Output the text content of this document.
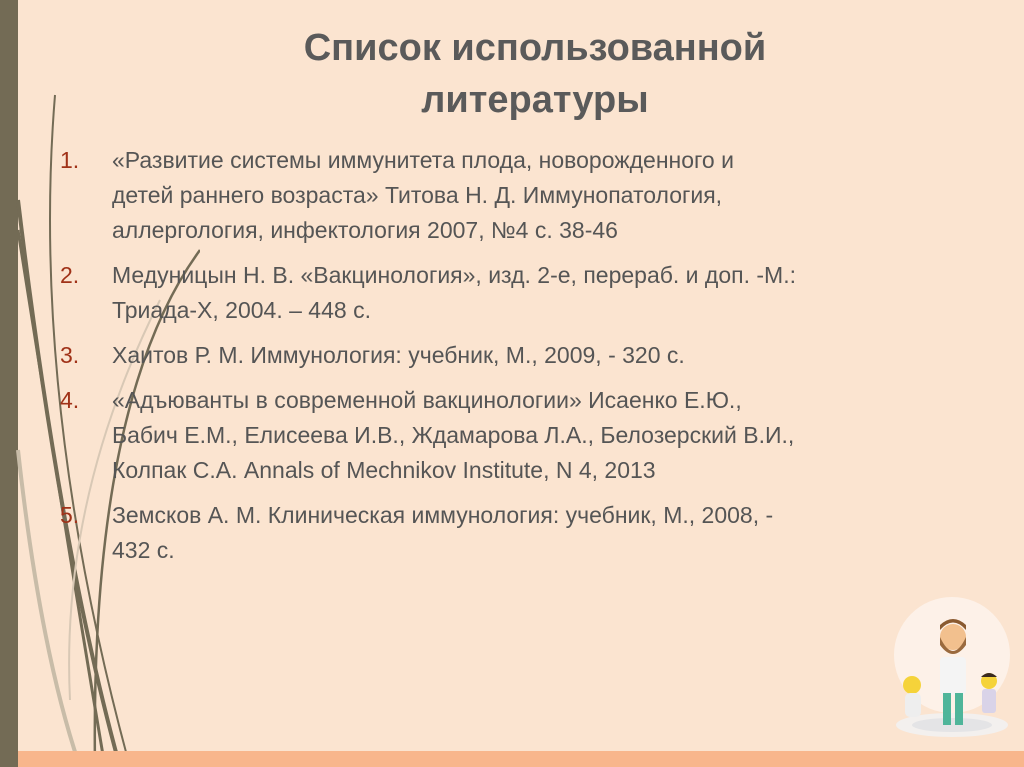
Список использованной
литературы
1. «Развитие системы иммунитета плода, новорожденного и
детей раннего возраста» Титова Н. Д. Иммунопатология,
аллергология, инфектология 2007, №4 с. 38-46
2. Медуницын Н. В. «Вакцинология», изд. 2-е, перераб. и доп. -М.:
Триада-Х, 2004. – 448 с.
3. Хаитов Р. М. Иммунология: учебник, М., 2009, - 320 с.
4. «Адъюванты в современной вакцинологии» Исаенко Е.Ю.,
Бабич Е.М., Елисеева И.В., Ждамарова Л.А., Белозерский В.И.,
Колпак С.А. Annals of Mechnikov Institute, N 4, 2013
5. Земсков А. М. Клиническая иммунология: учебник, М., 2008, -
432 с.
